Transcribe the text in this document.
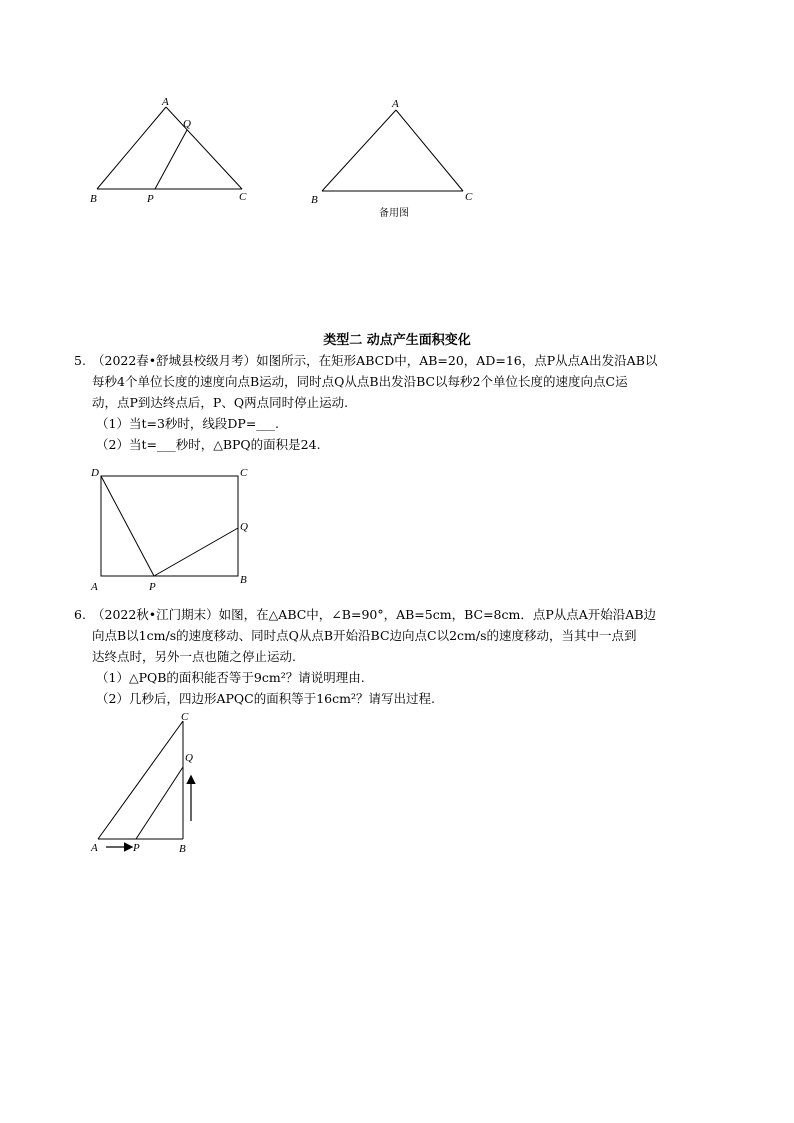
A
Q
B	P	C
A
B	C
备用图
类型二 动点产生面积变化
5. （2022春•舒城县校级月考）如图所示，在矩形ABCD中，AB=20，AD=16，点P从点A出发沿AB以
每秒4个单位长度的速度向点B运动，同时点Q从点B出发沿BC以每秒2个单位长度的速度向点C运
动，点P到达终点后，P、Q两点同时停止运动.
（1）当t=3秒时，线段DP=___.
（2）当t=___秒时，△BPQ的面积是24.
D	C
Q
A	P
B
6. （2022秋•江门期末）如图，在△ABC中，∠B=90°，AB=5cm，BC=8cm．点P从点A开始沿AB边
向点B以1cm/s的速度移动、同时点Q从点B开始沿BC边向点C以2cm/s的速度移动，当其中一点到
达终点时，另外一点也随之停止运动.
（1）△PQB的面积能否等于9cm²？请说明理由.
（2）几秒后，四边形APQC的面积等于16cm²？请写出过程.
C
Q
A	P	B
